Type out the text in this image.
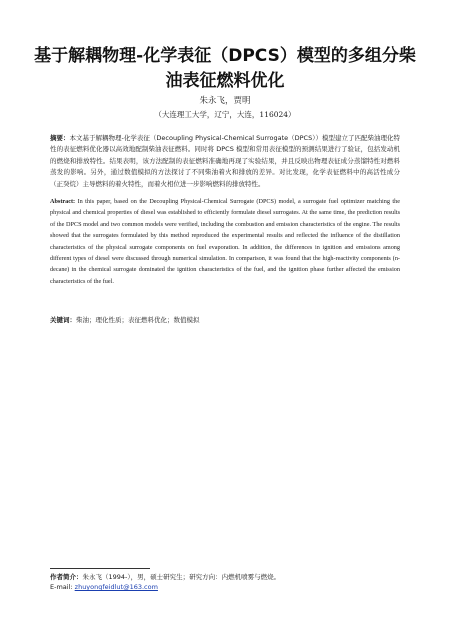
基于解耦物理-化学表征（DPCS）模型的多组分柴油表征燃料优化
朱永飞，贾明
（大连理工大学，辽宁，大连，116024）
摘要：本文基于解耦物理-化学表征（Decoupling Physical-Chemical Surrogate（DPCS））模型建立了匹配柴油理化特性的表征燃料优化器以高效地配制柴油表征燃料。同时将 DPCS 模型和常用表征模型的预测结果进行了验证，包括发动机的燃烧和排放特性。结果表明，该方法配制的表征燃料准确地再现了实验结果，并且反映出物理表征成分蒸馏特性对燃料蒸发的影响。另外，通过数值模拟的方法探讨了不同柴油着火和排放的差异。对比发现，化学表征燃料中的高活性成分（正癸烷）主导燃料的着火特性，而着火相位进一步影响燃料的排放特性。
Abstract: In this paper, based on the Decoupling Physical-Chemical Surrogate (DPCS) model, a surrogate fuel optimizer matching the physical and chemical properties of diesel was established to efficiently formulate diesel surrogates. At the same time, the prediction results of the DPCS model and two common models were verified, including the combustion and emission characteristics of the engine. The results showed that the surrogates formulated by this method reproduced the experimental results and reflected the influence of the distillation characteristics of the physical surrogate components on fuel evaporation. In addition, the differences in ignition and emissions among different types of diesel were discussed through numerical simulation. In comparison, it was found that the high-reactivity components (n-decane) in the chemical surrogate dominated the ignition characteristics of the fuel, and the ignition phase further affected the emission characteristics of the fuel.
关键词：柴油；理化性质；表征燃料优化；数值模拟
作者简介：朱永飞（1994-），男，硕士研究生；研究方向：内燃机喷雾与燃烧。
E-mail: zhuyongfeidlut@163.com
